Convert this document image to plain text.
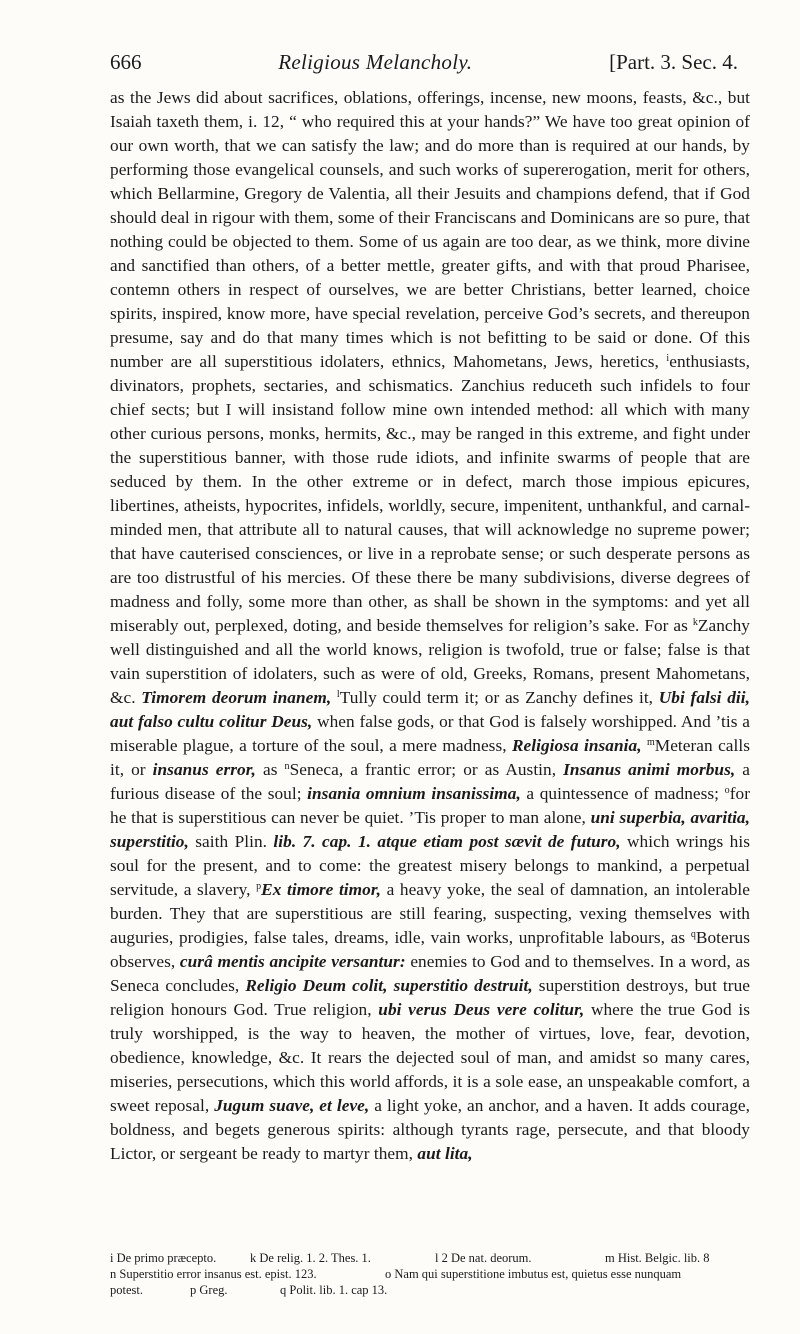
666	Religious Melancholy.	[Part. 3. Sec. 4.

as the Jews did about sacrifices, oblations, offerings, incense, new moons, feasts, &c., but Isaiah taxeth them, i. 12, “ who required this at your hands?” We have too great opinion of our own worth, that we can satisfy the law; and do more than is required at our hands, by performing those evangelical counsels, and such works of supererogation, merit for others, which Bellarmine, Gregory de Valentia, all their Jesuits and champions defend, that if God should deal in rigour with them, some of their Franciscans and Dominicans are so pure, that nothing could be objected to them. Some of us again are too dear, as we think, more divine and sanctified than others, of a better mettle, greater gifts, and with that proud Pharisee, contemn others in respect of ourselves, we are better Christians, better learned, choice spirits, inspired, know more, have special revelation, perceive God’s secrets, and thereupon presume, say and do that many times which is not befitting to be said or done. Of this number are all superstitious idolaters, ethnics, Mahometans, Jews, heretics, $^i$enthusiasts, divinators, prophets, sectaries, and schismatics. Zanchius reduceth such infidels to four chief sects; but I will insistand follow mine own intended method: all which with many other curious persons, monks, hermits, &c., may be ranged in this extreme, and fight under the superstitious banner, with those rude idiots, and infinite swarms of people that are seduced by them. In the other extreme or in defect, march those impious epicures, libertines, atheists, hypocrites, infidels, worldly, secure, impenitent, unthankful, and carnal-minded men, that attribute all to natural causes, that will acknowledge no supreme power; that have cauterised consciences, or live in a reprobate sense; or such desperate persons as are too distrustful of his mercies. Of these there be many subdivisions, diverse degrees of madness and folly, some more than other, as shall be shown in the symptoms: and yet all miserably out, perplexed, doting, and beside themselves for religion’s sake. For as $^k$Zanchy well distinguished and all the world knows, religion is twofold, true or false; false is that vain superstition of idolaters, such as were of old, Greeks, Romans, present Mahometans, &c. Timorem deorum inanem, $^l$Tully could term it; or as Zanchy defines it, Ubi falsi dii, aut falso cultu colitur Deus, when false gods, or that God is falsely worshipped. And ’tis a miserable plague, a torture of the soul, a mere madness, Religiosa insania, $^m$Meteran calls it, or insanus error, as $^n$Seneca, a frantic error; or as Austin, Insanus animi morbus, a furious disease of the soul; insania omnium insanissima, a quintessence of madness; $^o$for he that is superstitious can never be quiet. ’Tis proper to man alone, uni superbia, avaritia, superstitio, saith Plin. lib. 7. cap. 1. atque etiam post sævit de futuro, which wrings his soul for the present, and to come: the greatest misery belongs to mankind, a perpetual servitude, a slavery, $^p$Ex timore timor, a heavy yoke, the seal of damnation, an intolerable burden. They that are superstitious are still fearing, suspecting, vexing themselves with auguries, prodigies, false tales, dreams, idle, vain works, unprofitable labours, as $^q$Boterus observes, curâ mentis ancipite versantur: enemies to God and to themselves. In a word, as Seneca concludes, Religio Deum colit, superstitio destruit, superstition destroys, but true religion honours God. True religion, ubi verus Deus vere colitur, where the true God is truly worshipped, is the way to heaven, the mother of virtues, love, fear, devotion, obedience, knowledge, &c. It rears the dejected soul of man, and amidst so many cares, miseries, persecutions, which this world affords, it is a sole ease, an unspeakable comfort, a sweet reposal, Jugum suave, et leve, a light yoke, an anchor, and a haven. It adds courage, boldness, and begets generous spirits: although tyrants rage, persecute, and that bloody Lictor, or sergeant be ready to martyr them, aut lita,

i De primo præcepto.	k De relig. 1. 2. Thes. 1.	l 2 De nat. deorum.	m Hist. Belgic. lib. 8
n Superstitio error insanus est. epist. 123.	o Nam qui superstitione imbutus est, quietus esse nunquam
potest.	p Greg.	q Polit. lib. 1. cap 13.
